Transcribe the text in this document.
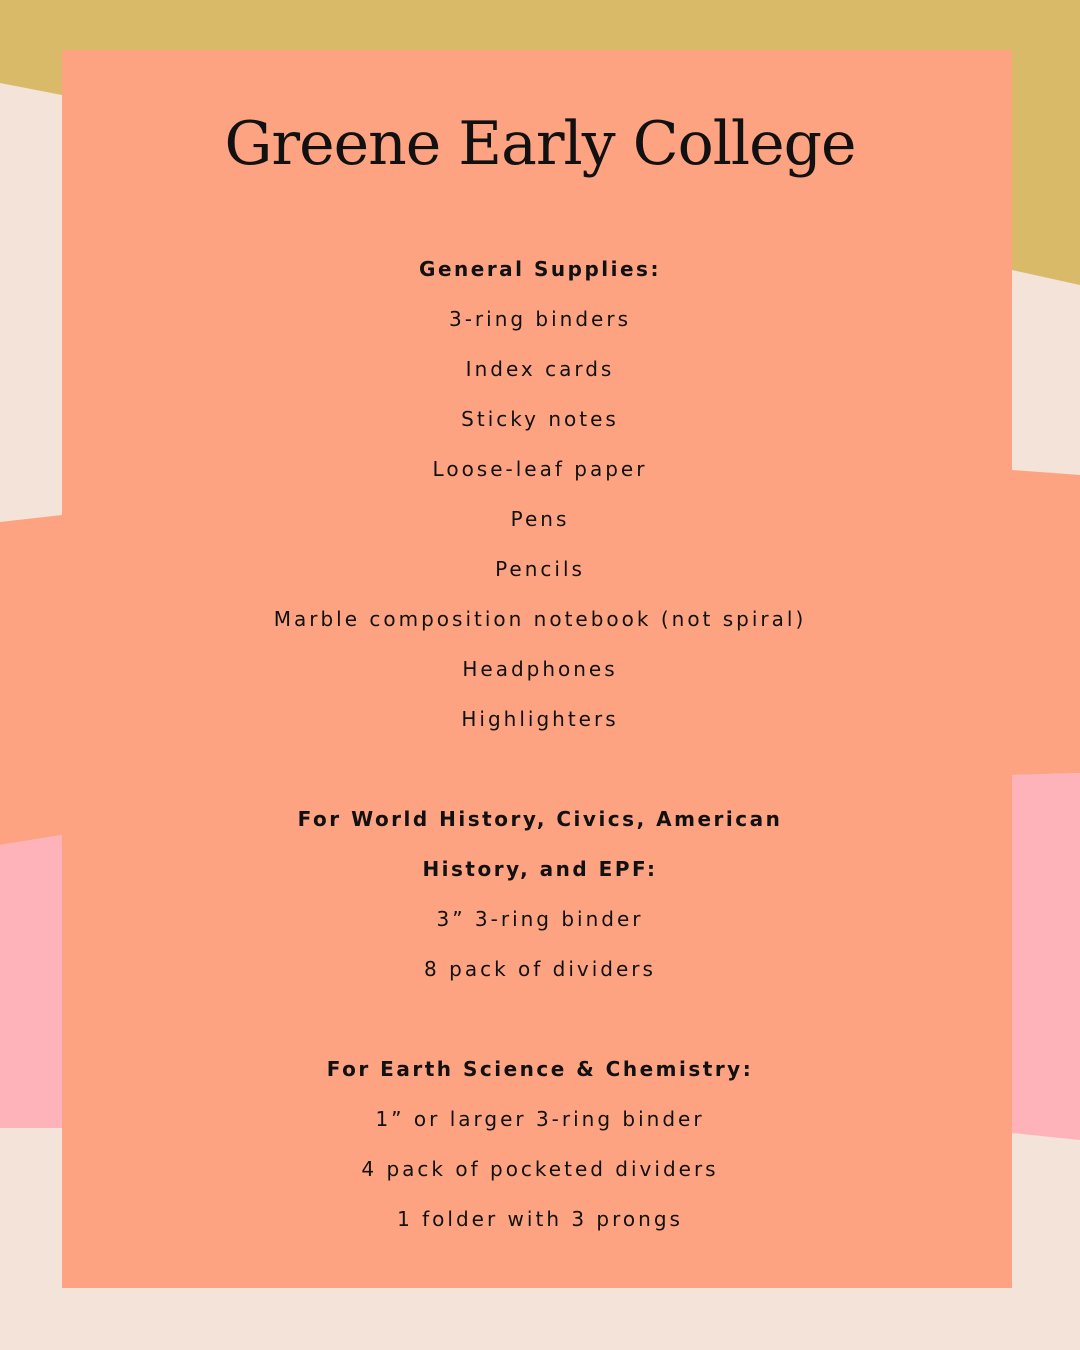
Greene Early College
General Supplies:
3-ring binders
Index cards
Sticky notes
Loose-leaf paper
Pens
Pencils
Marble composition notebook (not spiral)
Headphones
Highlighters
For World History, Civics, American
History, and EPF:
3” 3-ring binder
8 pack of dividers
For Earth Science & Chemistry:
1” or larger 3-ring binder
4 pack of pocketed dividers
1 folder with 3 prongs
